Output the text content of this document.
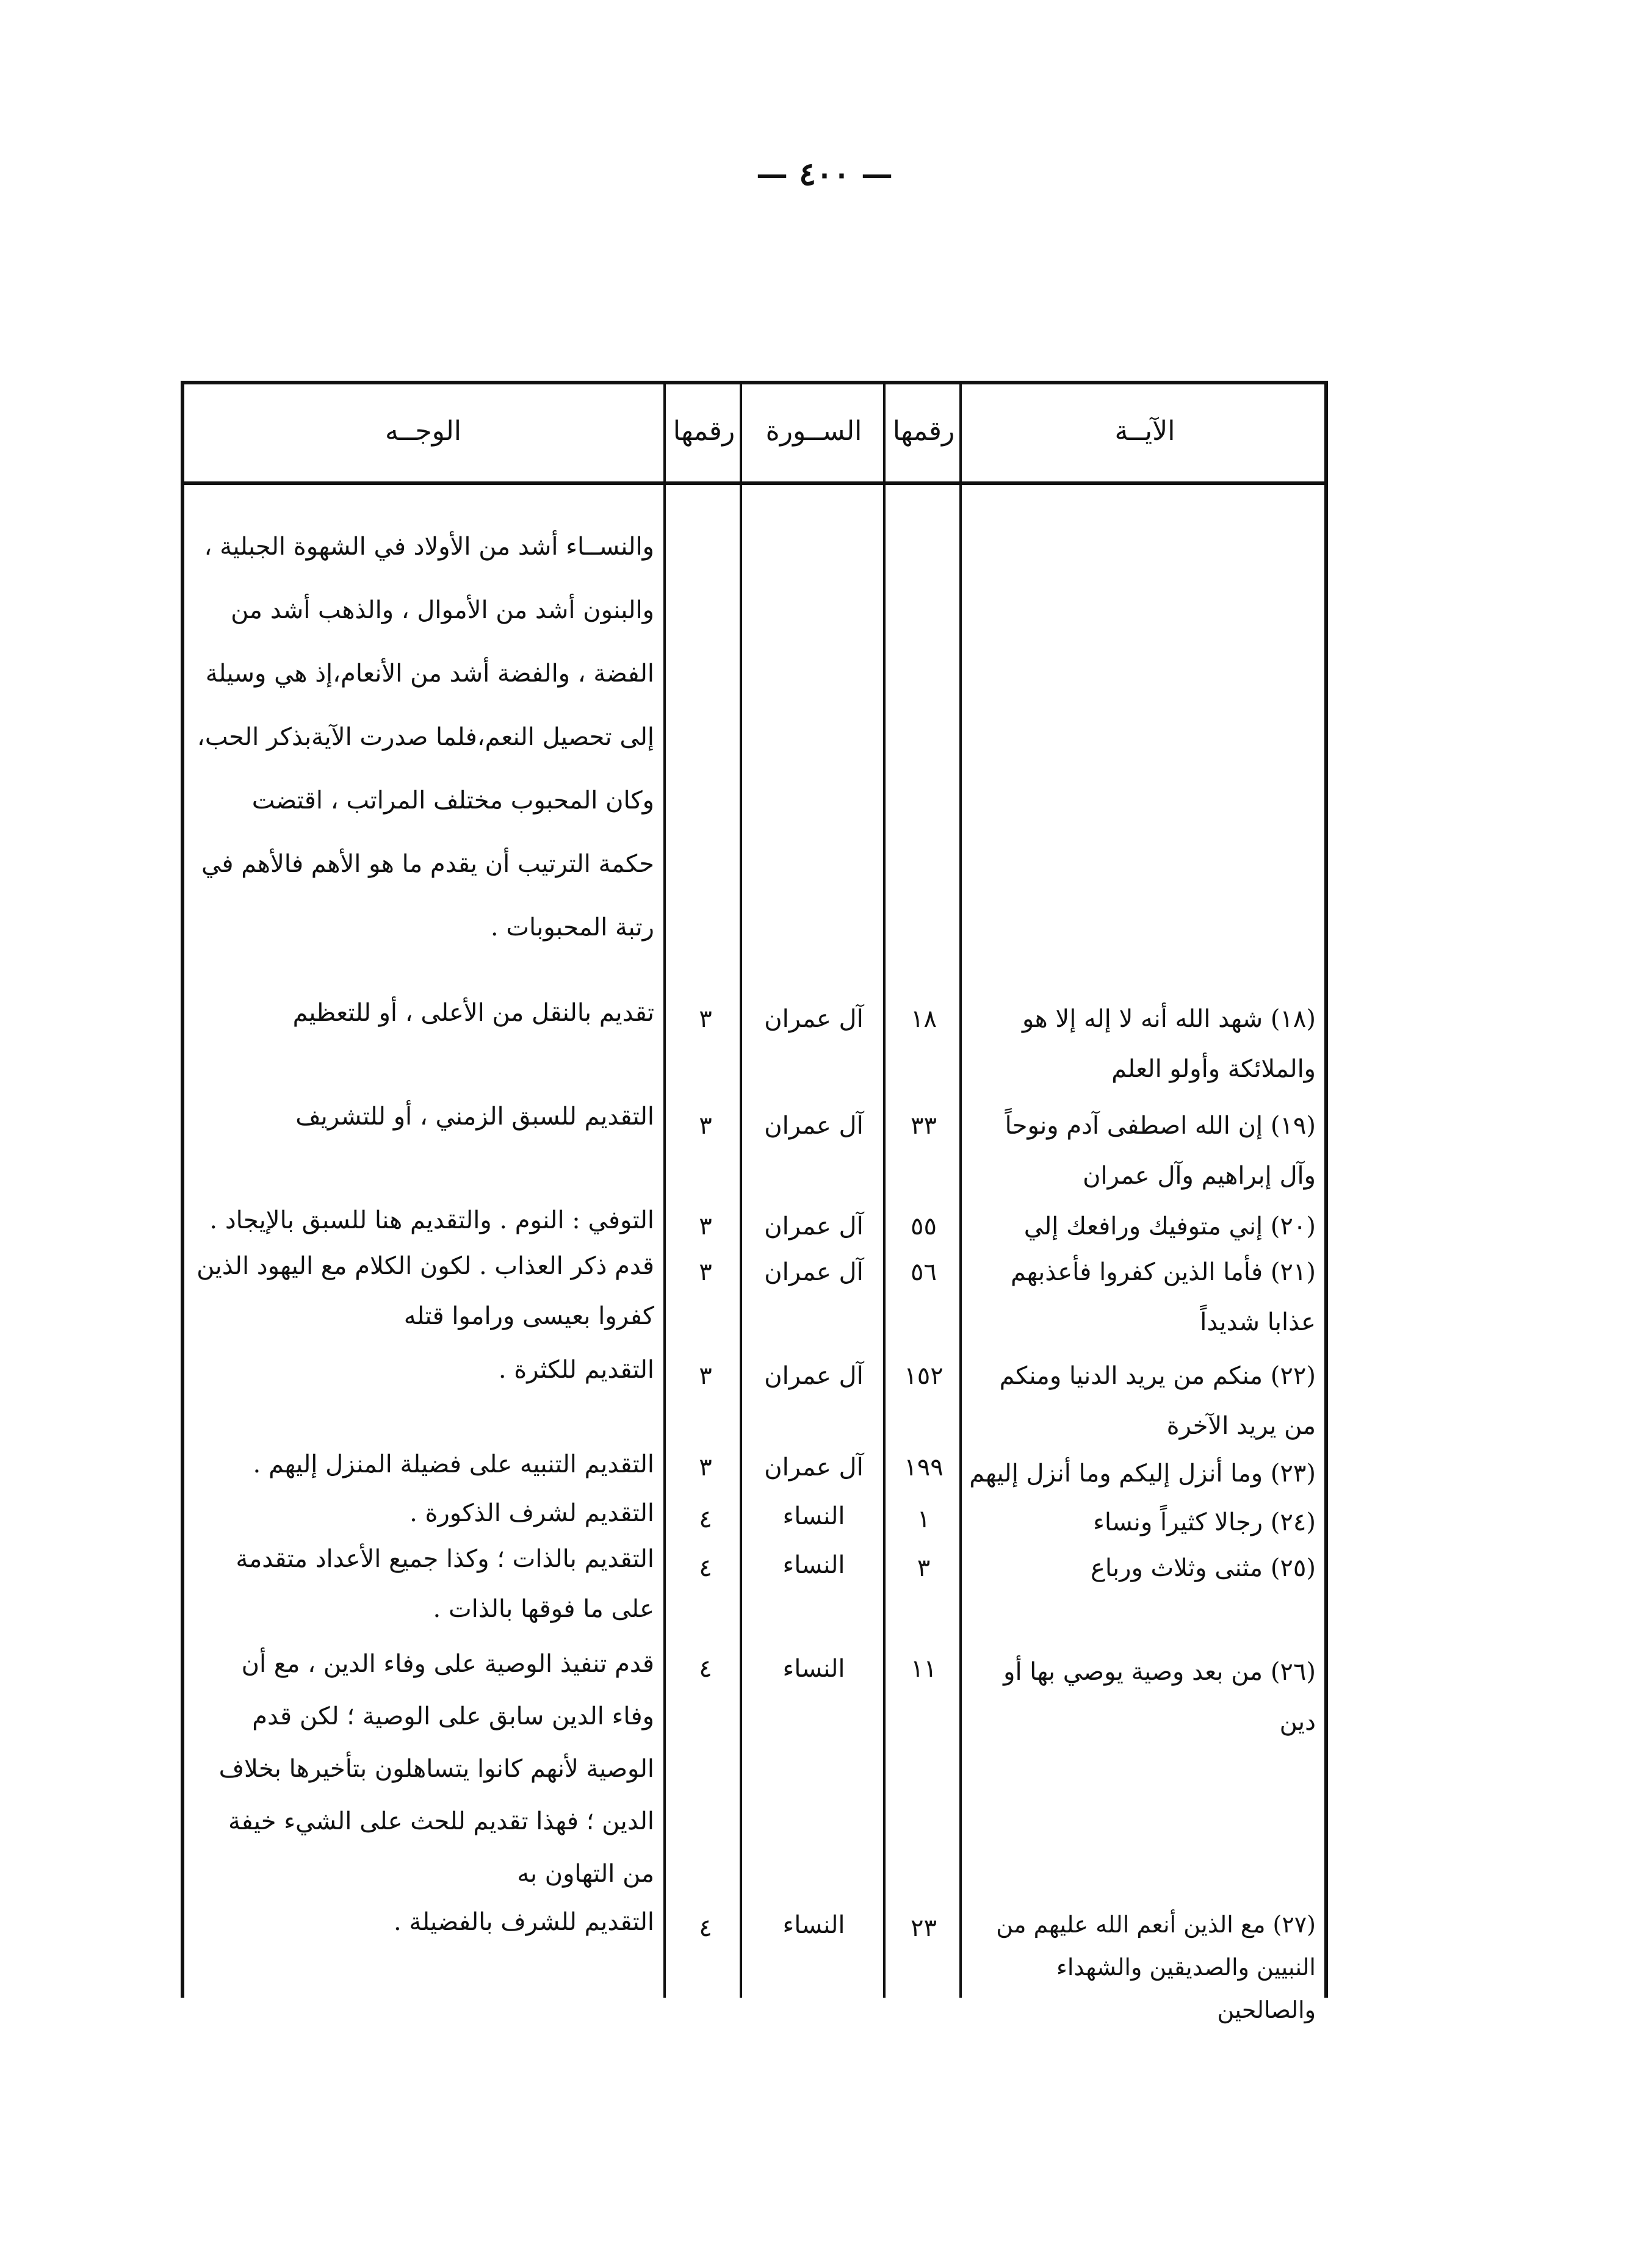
— ٤٠٠ —
الآيــة
رقمها
الســورة
رقمها
الوجــه
والنســاء أشد من الأولاد في الشهوة الجبلية ، والبنون أشد من الأموال ، والذهب أشد من الفضة ، والفضة أشد من الأنعام،إذ هي وسيلة إلى تحصيل النعم،فلما صدرت الآيةبذكر الحب، وكان المحبوب مختلف المراتب ، اقتضت حكمة الترتيب أن يقدم ما هو الأهم فالأهم في رتبة المحبوبات .
(١٨) شهد الله أنه لا إله إلا هو والملائكة وأولو العلم
١٨
آل عمران
٣
تقديم بالنقل من الأعلى ، أو للتعظيم
(١٩) إن الله اصطفى آدم ونوحاً وآل إبراهيم وآل عمران
٣٣
آل عمران
٣
التقديم للسبق الزمني ، أو للتشريف
(٢٠) إني متوفيك ورافعك إلي
٥٥
آل عمران
٣
التوفي : النوم . والتقديم هنا للسبق بالإيجاد .
(٢١) فأما الذين كفروا فأعذبهم عذابا شديداً
٥٦
آل عمران
٣
قدم ذكر العذاب . لكون الكلام مع اليهود الذين كفروا بعيسى وراموا قتله
(٢٢) منكم من يريد الدنيا ومنكم من يريد الآخرة
١٥٢
آل عمران
٣
التقديم للكثرة .
(٢٣) وما أنزل إليكم وما أنزل إليهم
١٩٩
آل عمران
٣
التقديم التنبيه على فضيلة المنزل إليهم .
(٢٤) رجالا كثيراً ونساء
١
النساء
٤
التقديم لشرف الذكورة .
(٢٥) مثنى وثلاث ورباع
٣
النساء
٤
التقديم بالذات ؛ وكذا جميع الأعداد متقدمة على ما فوقها بالذات .
(٢٦) من بعد وصية يوصي بها أو دين
١١
النساء
٤
قدم تنفيذ الوصية على وفاء الدين ، مع أن وفاء الدين سابق على الوصية ؛ لكن قدم الوصية لأنهم كانوا يتساهلون بتأخيرها بخلاف الدين ؛ فهذا تقديم للحث على الشيء خيفة من التهاون به
(٢٧) مع الذين أنعم الله عليهم من النبيين والصديقين والشهداء والصالحين
٢٣
النساء
٤
التقديم للشرف بالفضيلة .
